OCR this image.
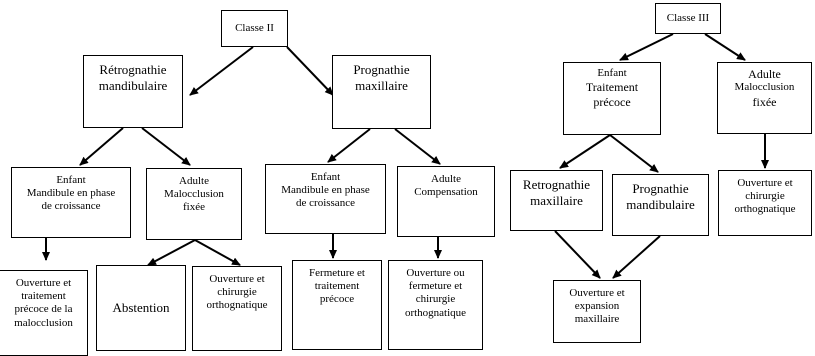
Classe II
Rétrognathie
mandibulaire
Prognathie
maxillaire
Enfant
Mandibule en phase
de croissance
Adulte
Malocclusion
fixée
Enfant
Mandibule en phase
de croissance
Adulte
Compensation
Ouverture et
traitement
précoce de la
malocclusion
Abstention
Ouverture et
chirurgie
orthognatique
Fermeture et
traitement
précoce
Ouverture ou
fermeture et
chirurgie
orthognatique
Classe III
Enfant
Traitement
précoce
Adulte
Malocclusion
fixée
Retrognathie
maxillaire
Prognathie
mandibulaire
Ouverture et
chirurgie
orthognatique
Ouverture et
expansion
maxillaire
